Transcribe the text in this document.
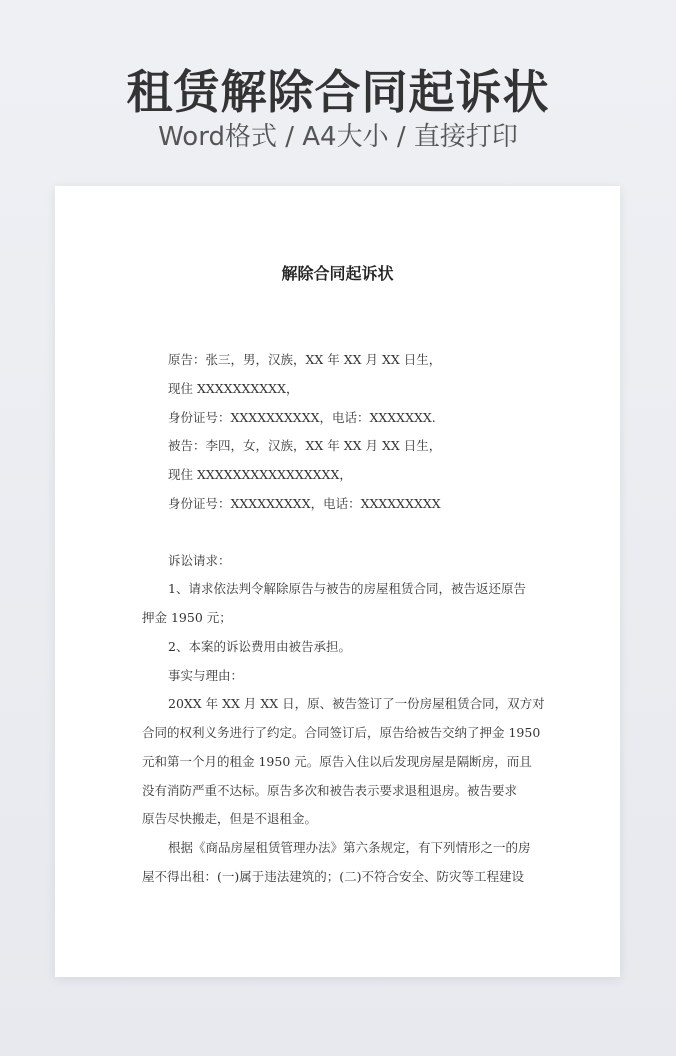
租赁解除合同起诉状
Word格式 / A4大小 / 直接打印
解除合同起诉状
原告：张三，男，汉族，XX 年 XX 月 XX 日生，
现住 XXXXXXXXXX，
身份证号：XXXXXXXXXX，电话：XXXXXXX.
被告：李四，女，汉族，XX 年 XX 月 XX 日生，
现住 XXXXXXXXXXXXXXXX，
身份证号：XXXXXXXXX，电话：XXXXXXXXX
诉讼请求：
1、请求依法判令解除原告与被告的房屋租赁合同，被告返还原告
押金 1950 元；
2、本案的诉讼费用由被告承担。
事实与理由：
20XX 年 XX 月 XX 日，原、被告签订了一份房屋租赁合同，双方对
合同的权利义务进行了约定。合同签订后，原告给被告交纳了押金 1950
元和第一个月的租金 1950 元。原告入住以后发现房屋是隔断房，而且
没有消防严重不达标。原告多次和被告表示要求退租退房。被告要求
原告尽快搬走，但是不退租金。
根据《商品房屋租赁管理办法》第六条规定，有下列情形之一的房
屋不得出租：(一)属于违法建筑的；(二)不符合安全、防灾等工程建设
